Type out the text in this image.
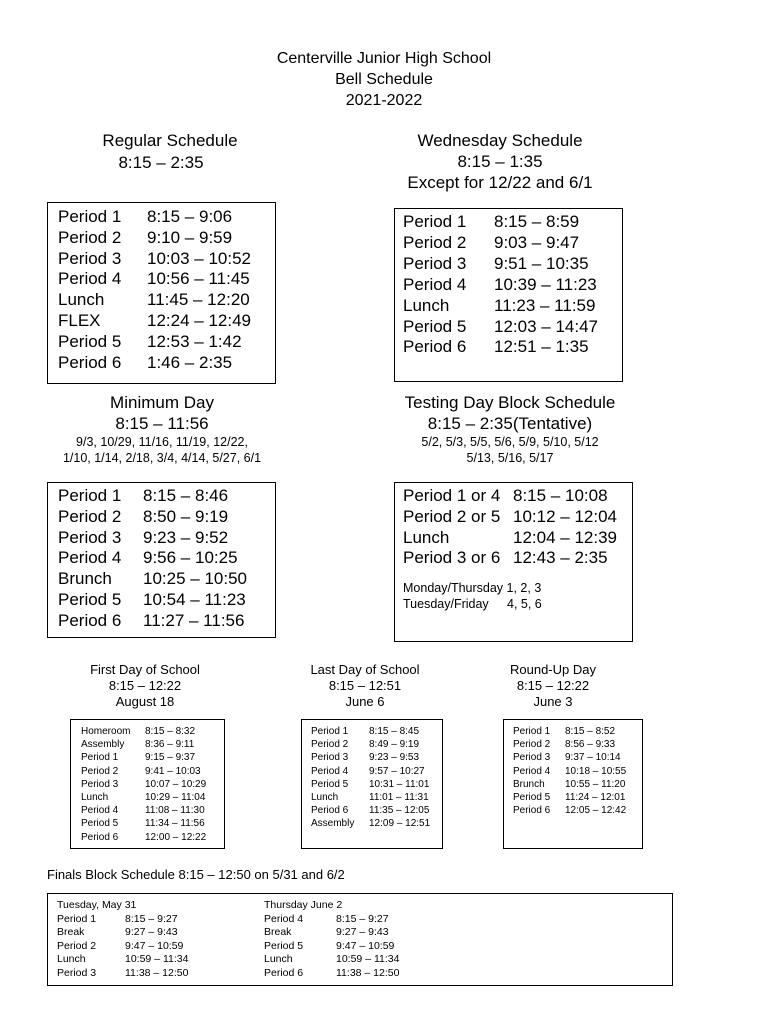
Centerville Junior High School
Bell Schedule
2021-2022
Regular Schedule
8:15 – 2:35
Wednesday Schedule
8:15 – 1:35
Except for 12/22 and 6/1
Period 1 8:15 – 9:06
Period 2 9:10 – 9:59
Period 3 10:03 – 10:52
Period 4 10:56 – 11:45
Lunch	11:45 – 12:20
FLEX	12:24 – 12:49
Period 5 12:53 – 1:42
Period 6 1:46 – 2:35
Period 1 8:15 – 8:59
Period 2 9:03 – 9:47
Period 3 9:51 – 10:35
Period 4 10:39 – 11:23
Lunch	11:23 – 11:59
Period 5 12:03 – 14:47
Period 6 12:51 – 1:35
Minimum Day
8:15 – 11:56
9/3, 10/29, 11/16, 11/19, 12/22,
1/10, 1/14, 2/18, 3/4, 4/14, 5/27, 6/1
Testing Day Block Schedule
8:15 – 2:35(Tentative)
5/2, 5/3, 5/5, 5/6, 5/9, 5/10, 5/12
5/13, 5/16, 5/17
Period 1 8:15 – 8:46
Period 2 8:50 – 9:19
Period 3 9:23 – 9:52
Period 4 9:56 – 10:25
Brunch 10:25 – 10:50
Period 5 10:54 – 11:23
Period 6 11:27 – 11:56
Period 1 or 4 8:15 – 10:08
Period 2 or 5 10:12 – 12:04
Lunch	12:04 – 12:39
Period 3 or 6 12:43 – 2:35
Monday/Thursday 1, 2, 3
Tuesday/Friday 4, 5, 6
First Day of School
8:15 – 12:22
August 18
Last Day of School
8:15 – 12:51
June 6
Round-Up Day
8:15 – 12:22
June 3
Homeroom 8:15 – 8:32
Assembly 8:36 – 9:11
Period 1	9:15 – 9:37
Period 2	9:41 – 10:03
Period 3	10:07 – 10:29
Lunch	10:29 – 11:04
Period 4	11:08 – 11:30
Period 5	11:34 – 11:56
Period 6	12:00 – 12:22
Period 1 8:15 – 8:45
Period 2 8:49 – 9:19
Period 3 9:23 – 9:53
Period 4 9:57 – 10:27
Period 5 10:31 – 11:01
Lunch	11:01 – 11:31
Period 6 11:35 – 12:05
Assembly 12:09 – 12:51
Period 1 8:15 – 8:52
Period 2 8:56 – 9:33
Period 3 9:37 – 10:14
Period 4 10:18 – 10:55
Brunch 10:55 – 11:20
Period 5 11:24 – 12:01
Period 6 12:05 – 12:42
Finals Block Schedule 8:15 – 12:50 on 5/31 and 6/2
Tuesday, May 31
Period 1	8:15 – 9:27
Break	9:27 – 9:43
Period 2	9:47 – 10:59
Lunch	10:59 – 11:34
Period 3	11:38 – 12:50
Thursday June 2
Period 4	8:15 – 9:27
Break	9:27 – 9:43
Period 5	9:47 – 10:59
Lunch	10:59 – 11:34
Period 6	11:38 – 12:50
